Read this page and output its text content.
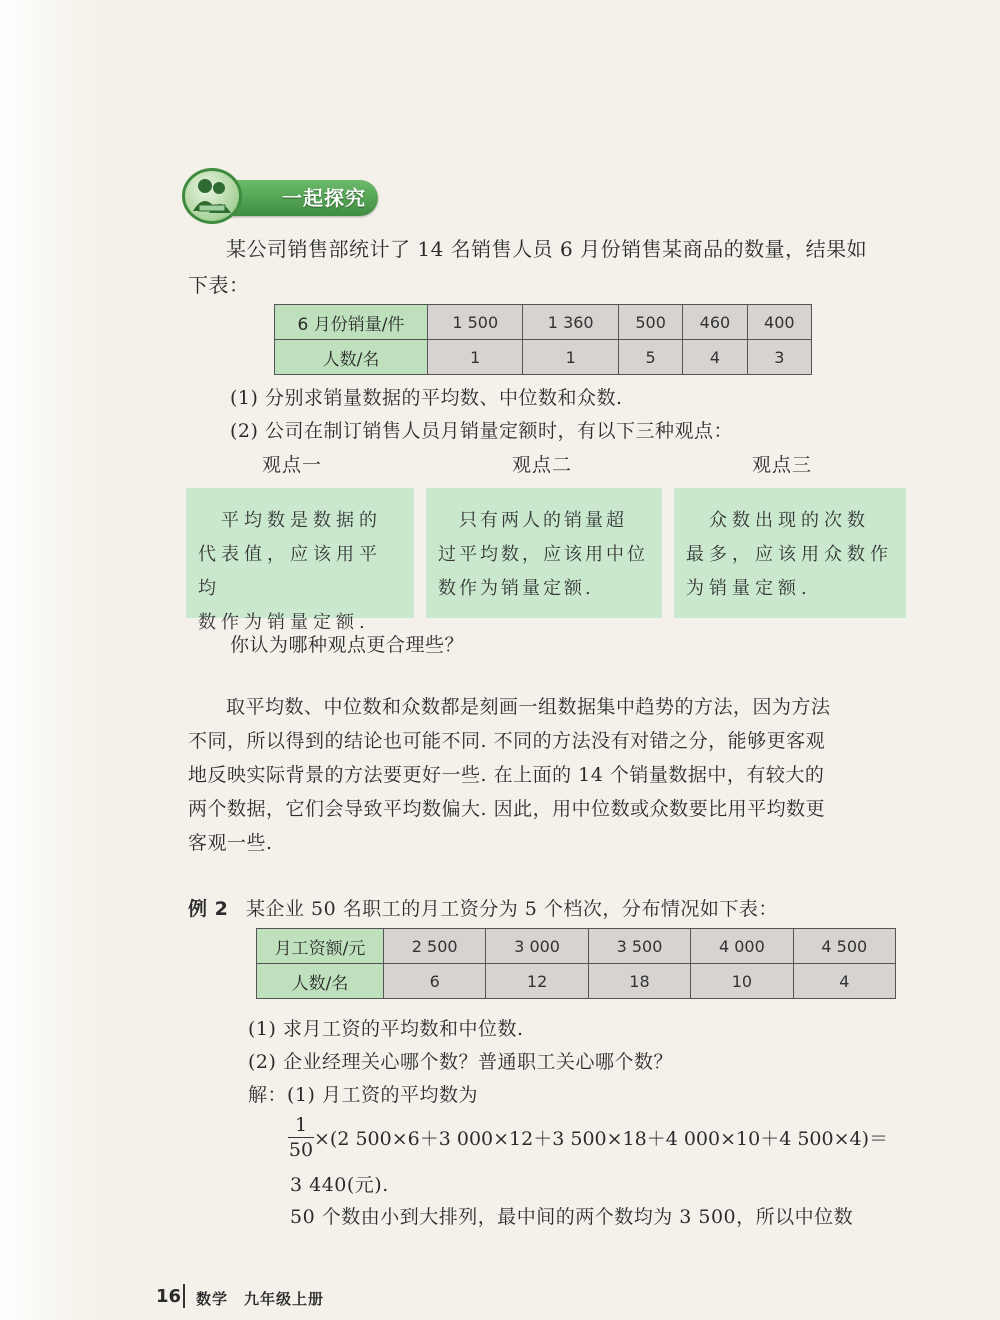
一起探究
某公司销售部统计了 14 名销售人员 6 月份销售某商品的数量，结果如
下表：
6 月份销量/件	1 500	1 360	500	460	400
人数/名	1	1	5	4	3
(1) 分别求销量数据的平均数、中位数和众数.
(2) 公司在制订销售人员月销量定额时，有以下三种观点：
观点一	观点二	观点三
　平均数是数据的
代表值，应该用平均
数作为销量定额.
　只有两人的销量超
过平均数，应该用中位
数作为销量定额.
　众数出现的次数
最多，应该用众数作
为销量定额.
你认为哪种观点更合理些？
取平均数、中位数和众数都是刻画一组数据集中趋势的方法，因为方法
不同，所以得到的结论也可能不同. 不同的方法没有对错之分，能够更客观
地反映实际背景的方法要更好一些. 在上面的 14 个销量数据中，有较大的
两个数据，它们会导致平均数偏大. 因此，用中位数或众数要比用平均数更
客观一些.
例 2 某企业 50 名职工的月工资分为 5 个档次，分布情况如下表：
月工资额/元	2 500	3 000	3 500	4 000	4 500
人数/名	6	12	18	10	4
(1) 求月工资的平均数和中位数.
(2) 企业经理关心哪个数？普通职工关心哪个数？
解：(1) 月工资的平均数为
1
50 ×(2 500×6＋3 000×12＋3 500×18＋4 000×10＋4 500×4)＝
3 440(元).
50 个数由小到大排列，最中间的两个数均为 3 500，所以中位数
16 数学　九年级上册
